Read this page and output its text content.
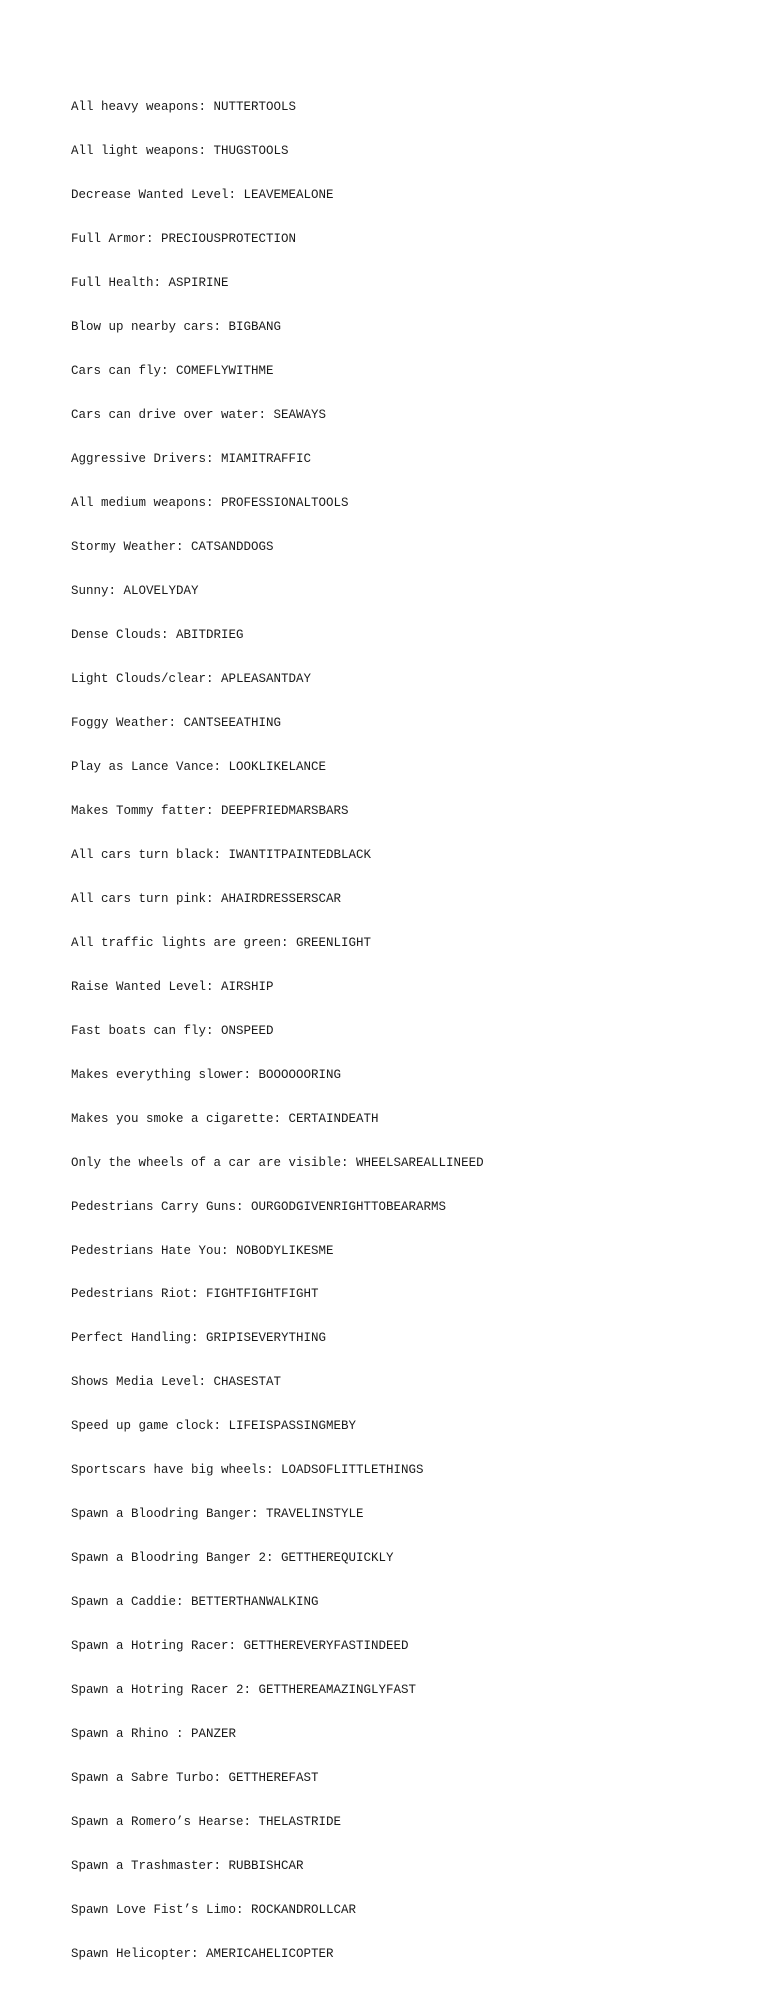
All heavy weapons: NUTTERTOOLS

All light weapons: THUGSTOOLS

Decrease Wanted Level: LEAVEMEALONE

Full Armor: PRECIOUSPROTECTION

Full Health: ASPIRINE

Blow up nearby cars: BIGBANG

Cars can fly: COMEFLYWITHME

Cars can drive over water: SEAWAYS

Aggressive Drivers: MIAMITRAFFIC

All medium weapons: PROFESSIONALTOOLS

Stormy Weather: CATSANDDOGS

Sunny: ALOVELYDAY

Dense Clouds: ABITDRIEG

Light Clouds/clear: APLEASANTDAY

Foggy Weather: CANTSEEATHING

Play as Lance Vance: LOOKLIKELANCE

Makes Tommy fatter: DEEPFRIEDMARSBARS

All cars turn black: IWANTITPAINTEDBLACK

All cars turn pink: AHAIRDRESSERSCAR

All traffic lights are green: GREENLIGHT

Raise Wanted Level: AIRSHIP

Fast boats can fly: ONSPEED

Makes everything slower: BOOOOOORING

Makes you smoke a cigarette: CERTAINDEATH

Only the wheels of a car are visible: WHEELSAREALLINEED

Pedestrians Carry Guns: OURGODGIVENRIGHTTOBEARARMS

Pedestrians Hate You: NOBODYLIKESME

Pedestrians Riot: FIGHTFIGHTFIGHT

Perfect Handling: GRIPISEVERYTHING

Shows Media Level: CHASESTAT

Speed up game clock: LIFEISPASSINGMEBY

Sportscars have big wheels: LOADSOFLITTLETHINGS

Spawn a Bloodring Banger: TRAVELINSTYLE

Spawn a Bloodring Banger 2: GETTHEREQUICKLY

Spawn a Caddie: BETTERTHANWALKING

Spawn a Hotring Racer: GETTHEREVERYFASTINDEED

Spawn a Hotring Racer 2: GETTHEREAMAZINGLYFAST

Spawn a Rhino : PANZER

Spawn a Sabre Turbo: GETTHEREFAST

Spawn a Romero’s Hearse: THELASTRIDE

Spawn a Trashmaster: RUBBISHCAR

Spawn Love Fist’s Limo: ROCKANDROLLCAR

Spawn Helicopter: AMERICAHELICOPTER
